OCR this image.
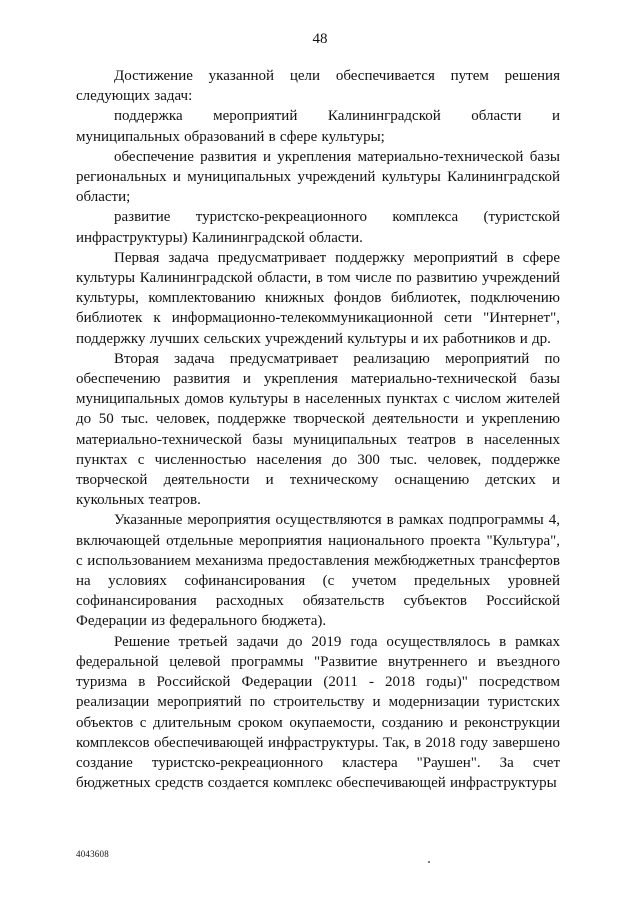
48

Достижение указанной цели обеспечивается путем решения следующих задач:

поддержка мероприятий Калининградской области и муниципальных образований в сфере культуры;

обеспечение развития и укрепления материально-технической базы региональных и муниципальных учреждений культуры Калининградской области;

развитие туристско-рекреационного комплекса (туристской инфраструктуры) Калининградской области.

Первая задача предусматривает поддержку мероприятий в сфере культуры Калининградской области, в том числе по развитию учреждений культуры, комплектованию книжных фондов библиотек, подключению библиотек к информационно-телекоммуникационной сети "Интернет", поддержку лучших сельских учреждений культуры и их работников и др.

Вторая задача предусматривает реализацию мероприятий по обеспечению развития и укрепления материально-технической базы муниципальных домов культуры в населенных пунктах с числом жителей до 50 тыс. человек, поддержке творческой деятельности и укреплению материально-технической базы муниципальных театров в населенных пунктах с численностью населения до 300 тыс. человек, поддержке творческой деятельности и техническому оснащению детских и кукольных театров.

Указанные мероприятия осуществляются в рамках подпрограммы 4, включающей отдельные мероприятия национального проекта "Культура", с использованием механизма предоставления межбюджетных трансфертов на условиях софинансирования (с учетом предельных уровней софинансирования расходных обязательств субъектов Российской Федерации из федерального бюджета).

Решение третьей задачи до 2019 года осуществлялось в рамках федеральной целевой программы "Развитие внутреннего и въездного туризма в Российской Федерации (2011 - 2018 годы)" посредством реализации мероприятий по строительству и модернизации туристских объектов с длительным сроком окупаемости, созданию и реконструкции комплексов обеспечивающей инфраструктуры. Так, в 2018 году завершено создание туристско-рекреационного кластера "Раушен". За счет бюджетных средств создается комплекс обеспечивающей инфраструктуры

4043608
